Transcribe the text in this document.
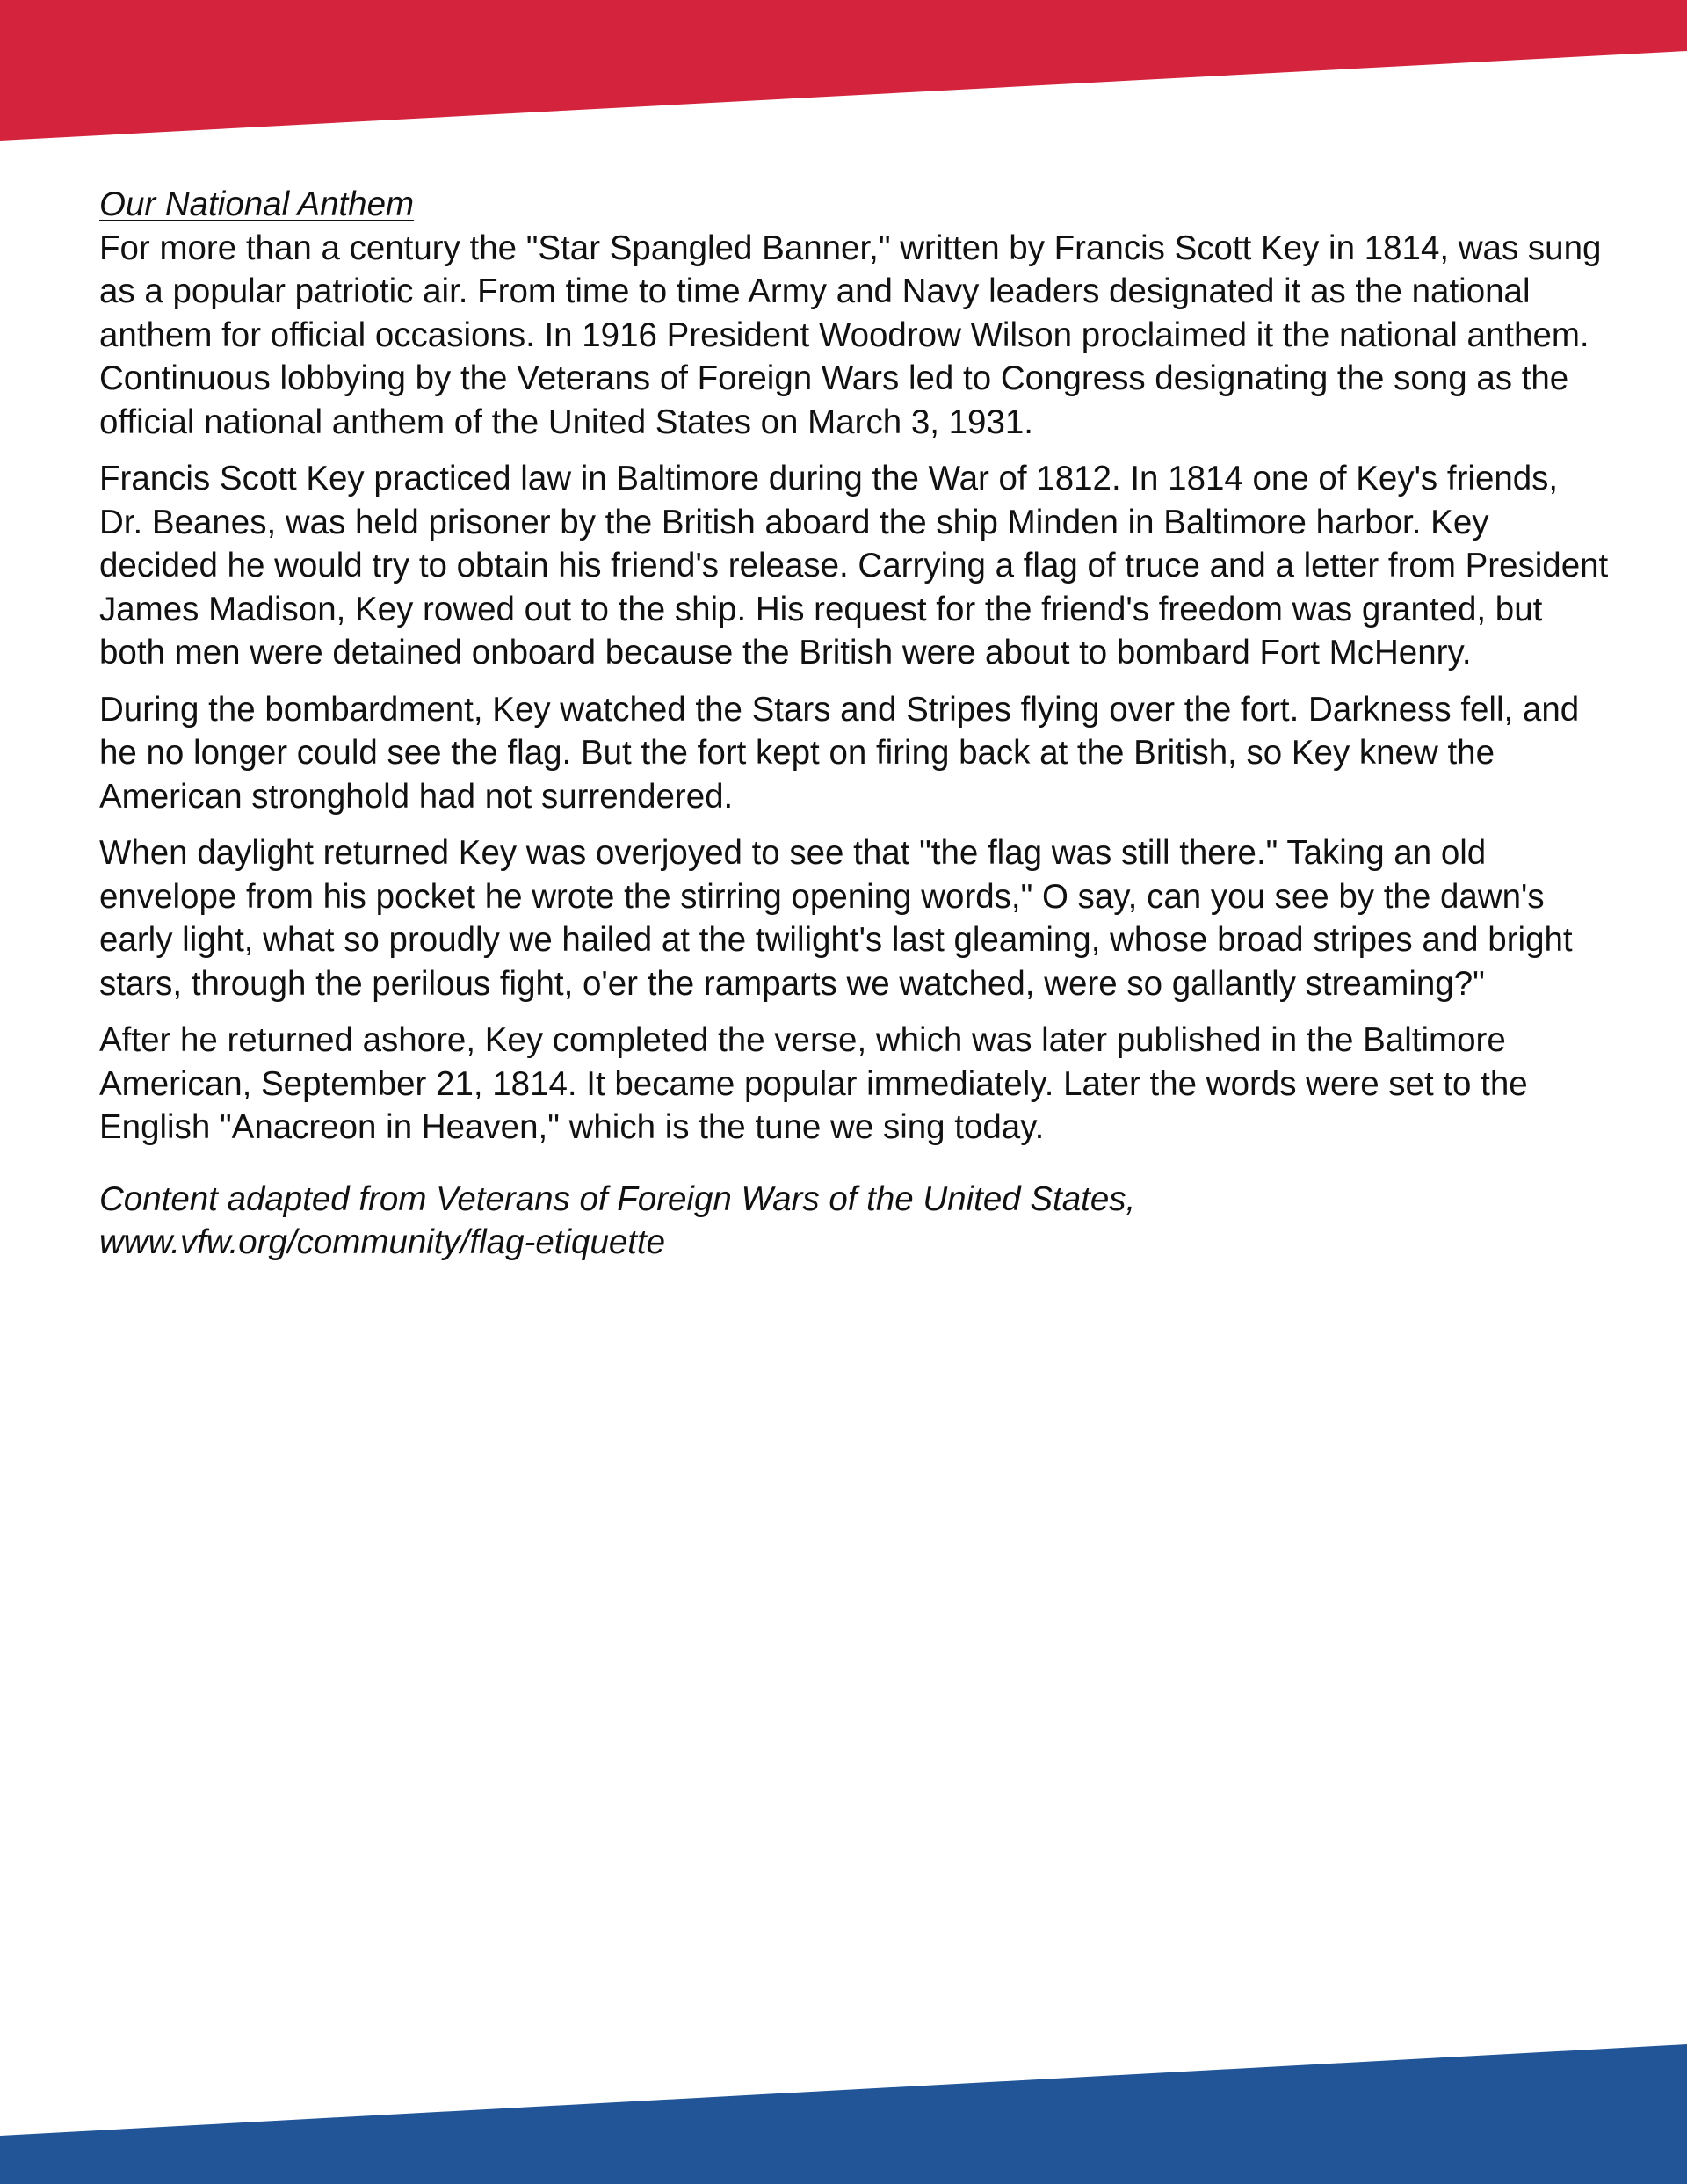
Our National Anthem

For more than a century the "Star Spangled Banner," written by Francis Scott Key in 1814, was sung as a popular patriotic air. From time to time Army and Navy leaders designated it as the national anthem for official occasions. In 1916 President Woodrow Wilson proclaimed it the national anthem. Continuous lobbying by the Veterans of Foreign Wars led to Congress designating the song as the official national anthem of the United States on March 3, 1931.

Francis Scott Key practiced law in Baltimore during the War of 1812. In 1814 one of Key's friends, Dr. Beanes, was held prisoner by the British aboard the ship Minden in Baltimore harbor. Key decided he would try to obtain his friend's release. Carrying a flag of truce and a letter from President James Madison, Key rowed out to the ship. His request for the friend's freedom was granted, but both men were detained onboard because the British were about to bombard Fort McHenry.

During the bombardment, Key watched the Stars and Stripes flying over the fort. Darkness fell, and he no longer could see the flag. But the fort kept on firing back at the British, so Key knew the American stronghold had not surrendered.

When daylight returned Key was overjoyed to see that "the flag was still there." Taking an old envelope from his pocket he wrote the stirring opening words," O say, can you see by the dawn's early light, what so proudly we hailed at the twilight's last gleaming, whose broad stripes and bright stars, through the perilous fight, o'er the ramparts we watched, were so gallantly streaming?"

After he returned ashore, Key completed the verse, which was later published in the Baltimore American, September 21, 1814. It became popular immediately. Later the words were set to the English "Anacreon in Heaven," which is the tune we sing today.

Content adapted from Veterans of Foreign Wars of the United States,
www.vfw.org/community/flag-etiquette
